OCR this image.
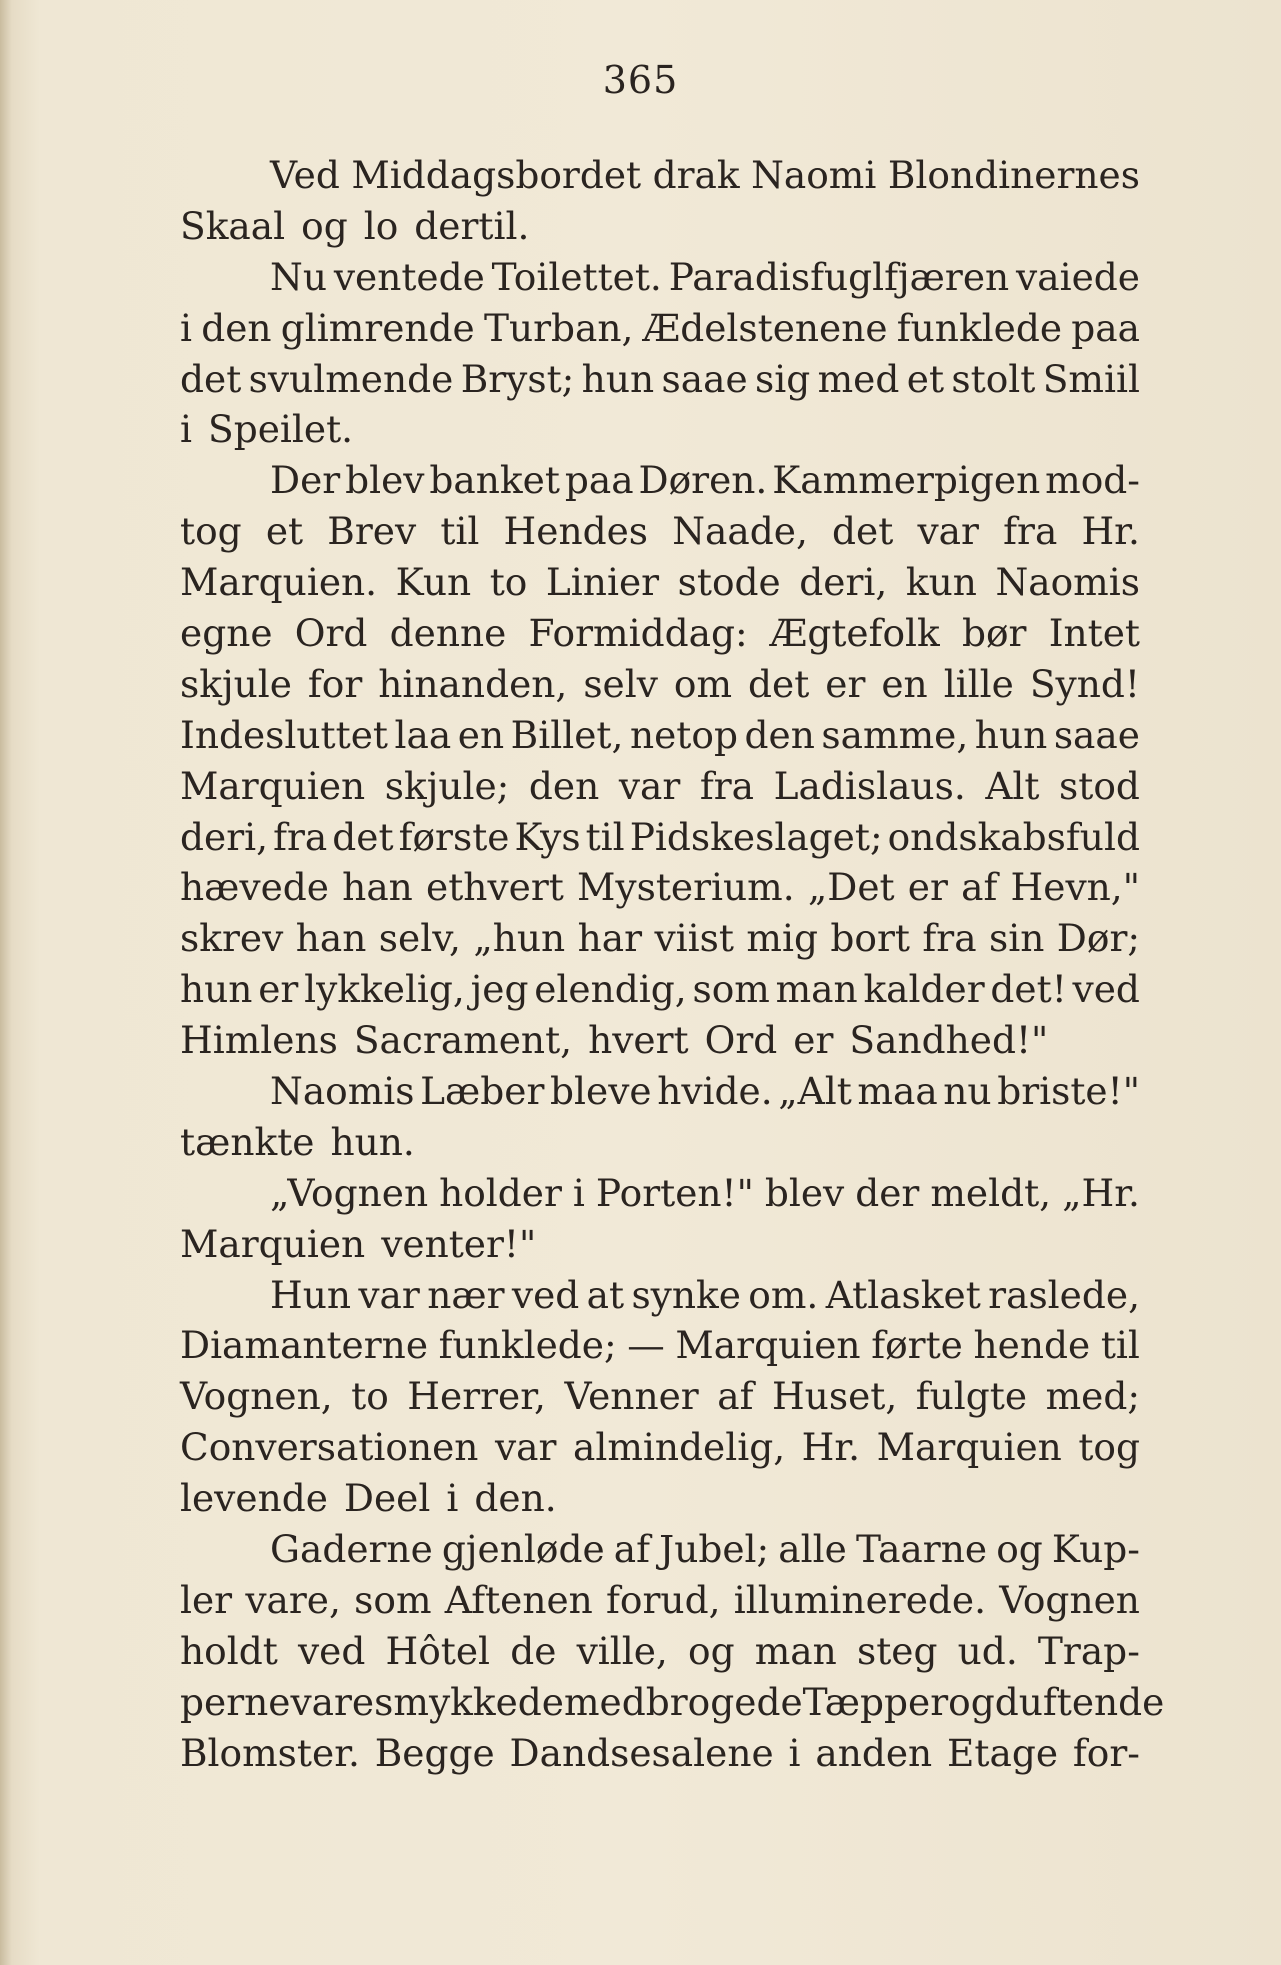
365
Ved Middagsbordet drak Naomi Blondinernes
Skaal og lo dertil.
Nu ventede Toilettet. Paradisfuglfjæren vaiede
i den glimrende Turban, Ædelstenene funklede paa
det svulmende Bryst; hun saae sig med et stolt Smiil
i Speilet.
Der blev banket paa Døren. Kammerpigen mod-
tog et Brev til Hendes Naade, det var fra Hr.
Marquien. Kun to Linier stode deri, kun Naomis
egne Ord denne Formiddag: Ægtefolk bør Intet
skjule for hinanden, selv om det er en lille Synd!
Indesluttet laa en Billet, netop den samme, hun saae
Marquien skjule; den var fra Ladislaus. Alt stod
deri, fra det første Kys til Pidskeslaget; ondskabsfuld
hævede han ethvert Mysterium. „Det er af Hevn,"
skrev han selv, „hun har viist mig bort fra sin Dør;
hun er lykkelig, jeg elendig, som man kalder det! ved
Himlens Sacrament, hvert Ord er Sandhed!"
Naomis Læber bleve hvide. „Alt maa nu briste!"
tænkte hun.
„Vognen holder i Porten!" blev der meldt, „Hr.
Marquien venter!"
Hun var nær ved at synke om. Atlasket raslede,
Diamanterne funklede; — Marquien førte hende til
Vognen, to Herrer, Venner af Huset, fulgte med;
Conversationen var almindelig, Hr. Marquien tog
levende Deel i den.
Gaderne gjenløde af Jubel; alle Taarne og Kup-
ler vare, som Aftenen forud, illuminerede. Vognen
holdt ved Hôtel de ville, og man steg ud. Trap-
perne vare smykkede med brogede Tæpper og duftende
Blomster. Begge Dandsesalene i anden Etage for-
